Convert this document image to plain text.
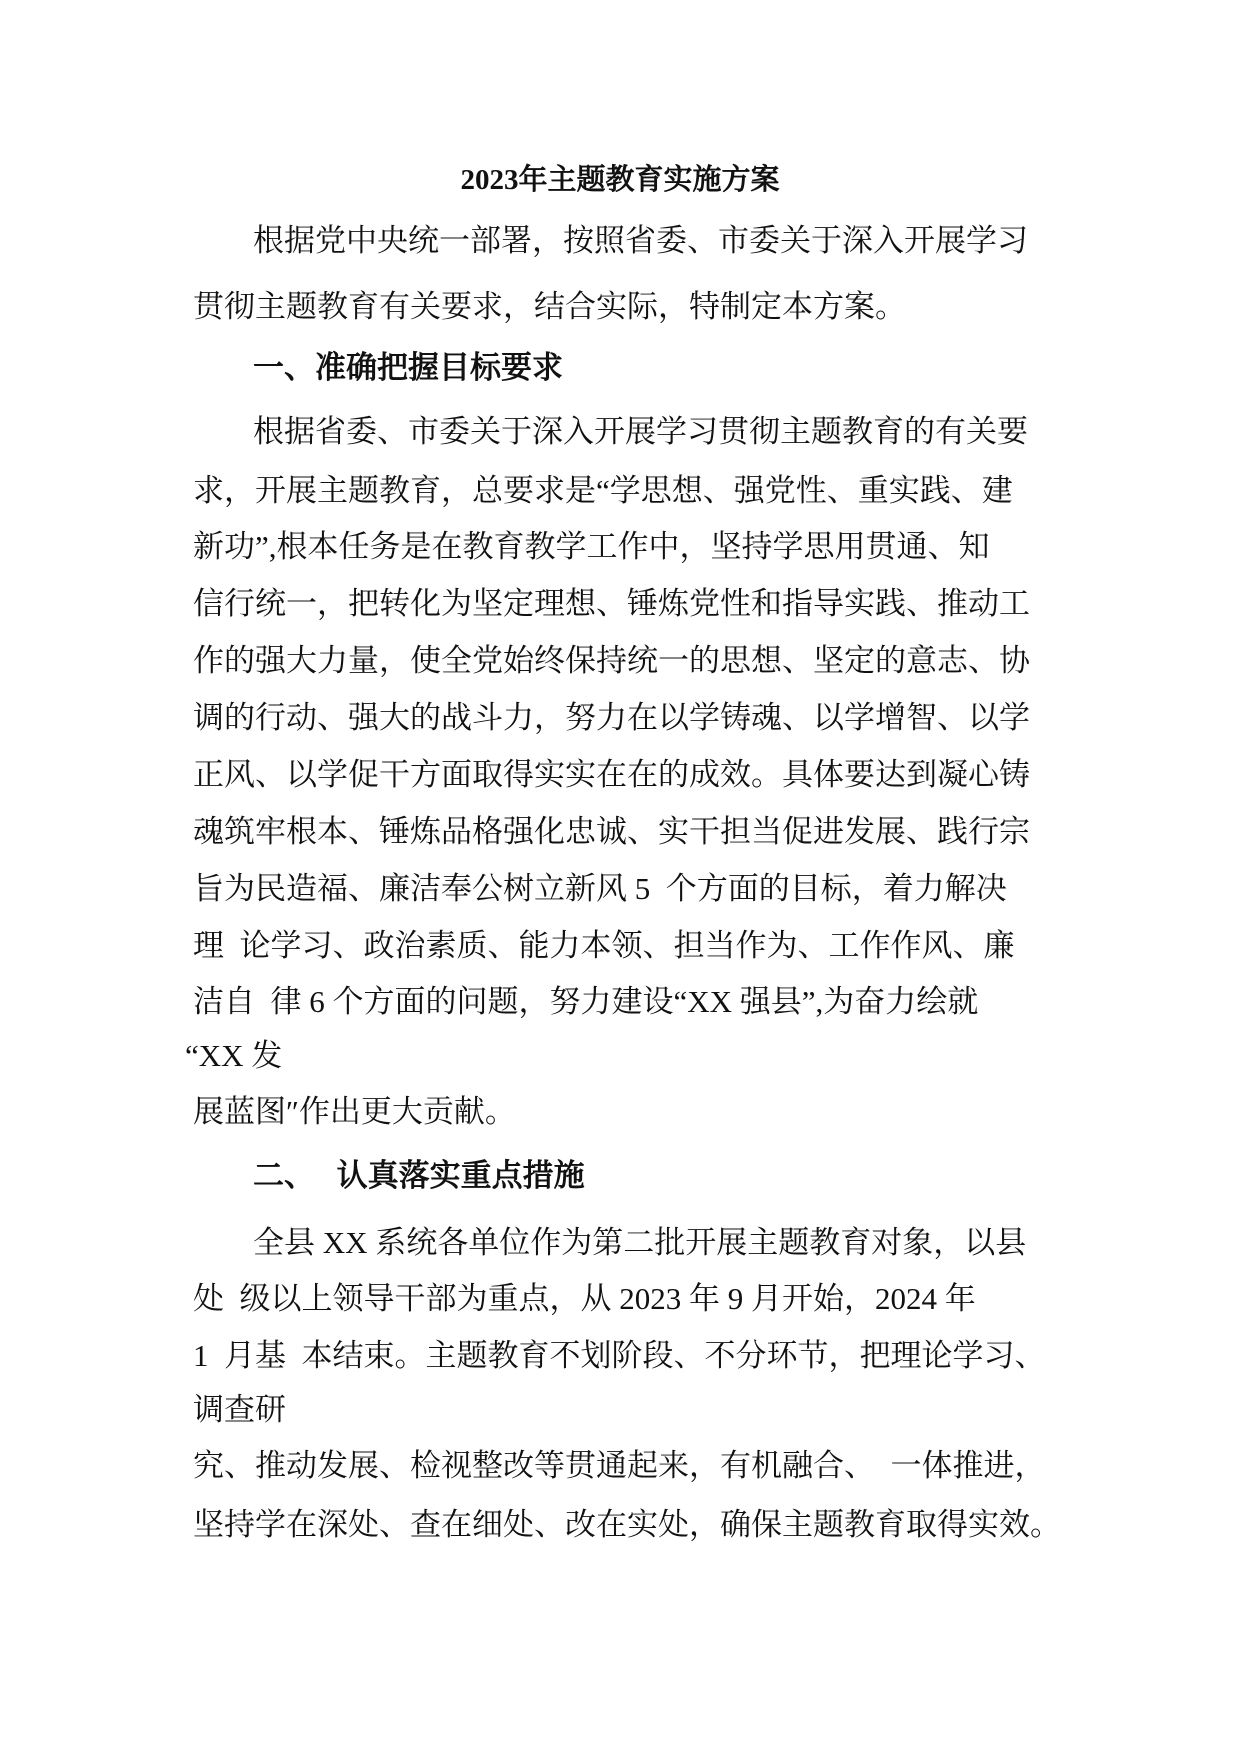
2023年主题教育实施方案
根据党中央统一部署，按照省委、市委关于深入开展学习
贯彻主题教育有关要求，结合实际，特制定本方案。
一、准确把握目标要求
根据省委、市委关于深入开展学习贯彻主题教育的有关要
求，开展主题教育，总要求是“学思想、强党性、重实践、建
新功”,根本任务是在教育教学工作中，坚持学思用贯通、知
信行统一，把转化为坚定理想、锤炼党性和指导实践、推动工
作的强大力量，使全党始终保持统一的思想、坚定的意志、协
调的行动、强大的战斗力，努力在以学铸魂、以学增智、以学
正风、以学促干方面取得实实在在的成效。具体要达到凝心铸
魂筑牢根本、锤炼品格强化忠诚、实干担当促进发展、践行宗
旨为民造福、廉洁奉公树立新风 5  个方面的目标，着力解决
理  论学习、政治素质、能力本领、担当作为、工作作风、廉
洁自  律 6 个方面的问题，努力建设“XX 强县”,为奋力绘就
“XX 发
展蓝图″作出更大贡献。
二、  认真落实重点措施
全县 XX 系统各单位作为第二批开展主题教育对象，以县
处  级以上领导干部为重点，从 2023 年 9 月开始，2024 年
1  月基  本结束。主题教育不划阶段、不分环节，把理论学习、
调查研
究、推动发展、检视整改等贯通起来，有机融合、  一体推进，
坚持学在深处、查在细处、改在实处，确保主题教育取得实效。
